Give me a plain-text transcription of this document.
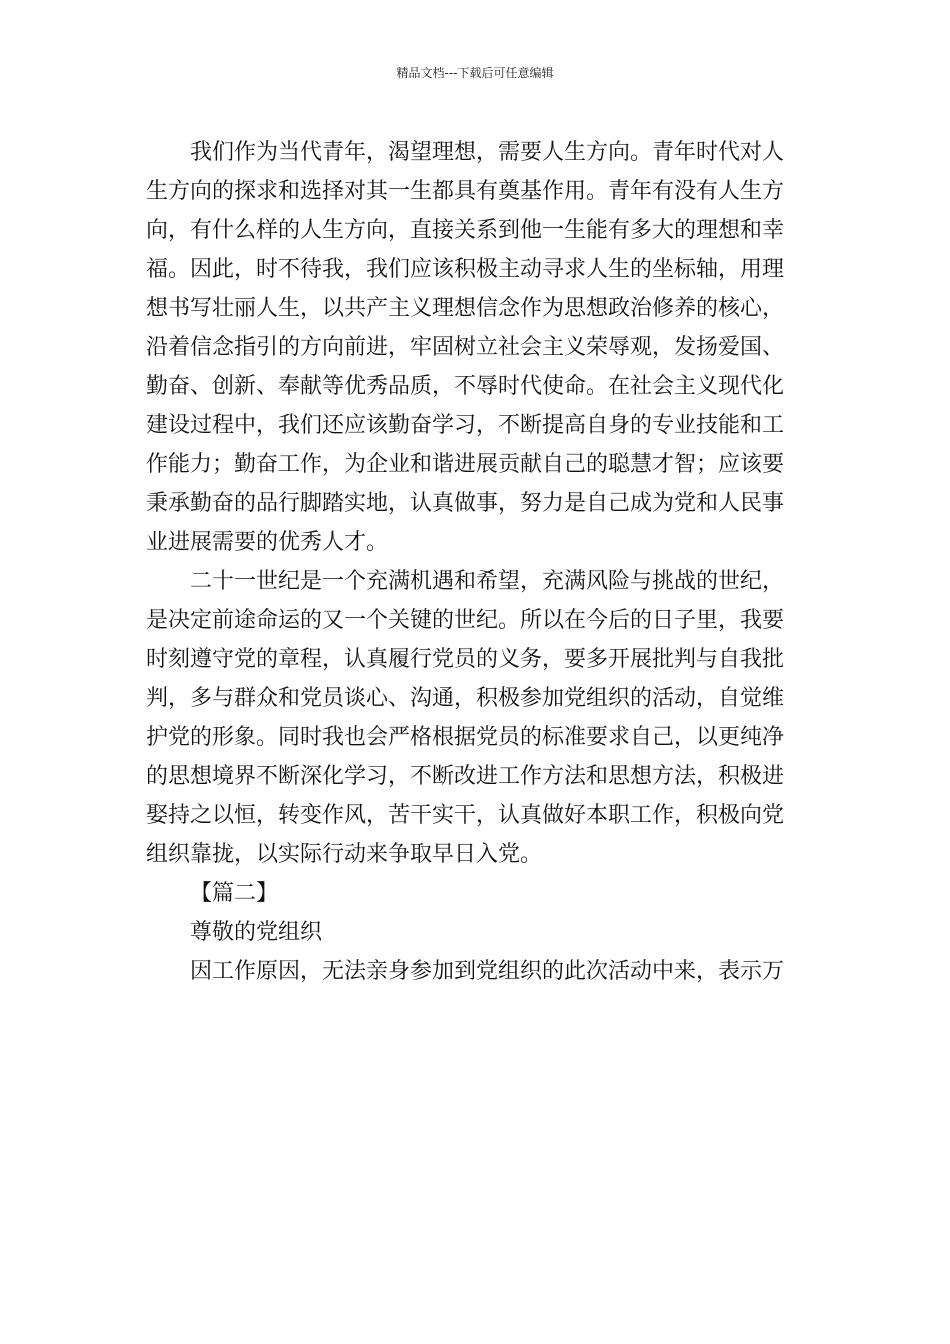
精品文档---下载后可任意编辑
我们作为当代青年，渴望理想，需要人生方向。青年时代对人
生方向的探求和选择对其一生都具有奠基作用。青年有没有人生方
向，有什么样的人生方向，直接关系到他一生能有多大的理想和幸
福。因此，时不待我，我们应该积极主动寻求人生的坐标轴，用理
想书写壮丽人生，以共产主义理想信念作为思想政治修养的核心，
沿着信念指引的方向前进，牢固树立社会主义荣辱观，发扬爱国、
勤奋、创新、奉献等优秀品质，不辱时代使命。在社会主义现代化
建设过程中，我们还应该勤奋学习，不断提高自身的专业技能和工
作能力；勤奋工作，为企业和谐进展贡献自己的聪慧才智；应该要
秉承勤奋的品行脚踏实地，认真做事，努力是自己成为党和人民事
业进展需要的优秀人才。
二十一世纪是一个充满机遇和希望，充满风险与挑战的世纪，
是决定前途命运的又一个关键的世纪。所以在今后的日子里，我要
时刻遵守党的章程，认真履行党员的义务，要多开展批判与自我批
判，多与群众和党员谈心、沟通，积极参加党组织的活动，自觉维
护党的形象。同时我也会严格根据党员的标准要求自己，以更纯净
的思想境界不断深化学习，不断改进工作方法和思想方法，积极进
娶持之以恒，转变作风，苦干实干，认真做好本职工作，积极向党
组织靠拢，以实际行动来争取早日入党。
【篇二】
尊敬的党组织
因工作原因，无法亲身参加到党组织的此次活动中来，表示万
